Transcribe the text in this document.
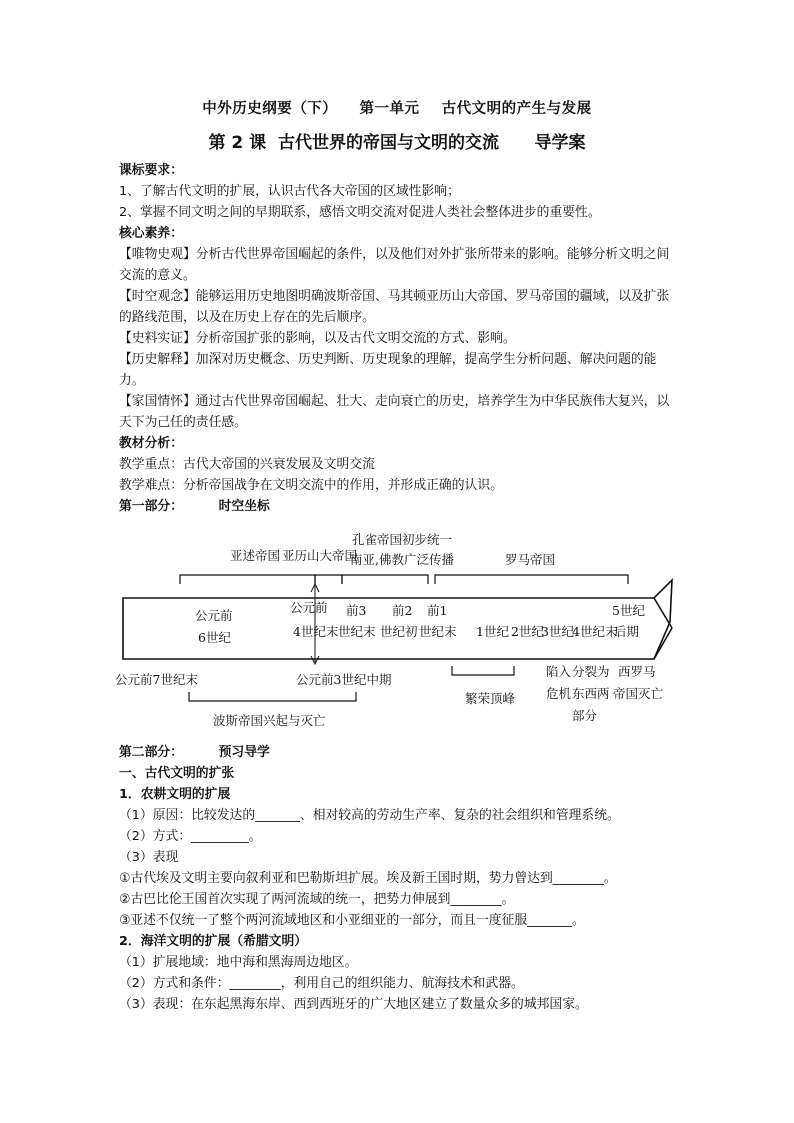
中外历史纲要（下）    第一单元    古代文明的产生与发展
第 2 课  古代世界的帝国与文明的交流      导学案
课标要求：
1、了解古代文明的扩展，认识古代各大帝国的区域性影响；
2、掌握不同文明之间的早期联系，感悟文明交流对促进人类社会整体进步的重要性。
核心素养：
【唯物史观】分析古代世界帝国崛起的条件，以及他们对外扩张所带来的影响。能够分析文明之间交流的意义。
【时空观念】能够运用历史地图明确波斯帝国、马其顿亚历山大帝国、罗马帝国的疆域，以及扩张的路线范围，以及在历史上存在的先后顺序。
【史料实证】分析帝国扩张的影响，以及古代文明交流的方式、影响。
【历史解释】加深对历史概念、历史判断、历史现象的理解，提高学生分析问题、解决问题的能力。
【家国情怀】通过古代世界帝国崛起、壮大、走向衰亡的历史，培养学生为中华民族伟大复兴，以天下为己任的责任感。
教材分析：
教学重点：古代大帝国的兴衰发展及文明交流
教学难点：分析帝国战争在文明交流中的作用，并形成正确的认识。
第一部分：        时空坐标
亚述帝国 亚历山大帝国
孔雀帝国初步统一
南亚,佛教广泛传播	罗马帝国
公元前
6世纪
公元前
4世纪末
前3
世纪末
前2
世纪初
前1
世纪末 1世纪 2世纪
3世纪
4世纪末
5世纪
后期
公元前7世纪末	公元前3世纪中期
波斯帝国兴起与灭亡
繁荣顶峰
陷入
危机
分裂为
东西两
部分
西罗马
帝国灭亡
第二部分：        预习导学
一、古代文明的扩张
1．农耕文明的扩展
（1）原因：比较发达的_______、相对较高的劳动生产率、复杂的社会组织和管理系统。
（2）方式：_________。
（3）表现
①古代埃及文明主要向叙利亚和巴勒斯坦扩展。埃及新王国时期，势力曾达到________。
②古巴比伦王国首次实现了两河流域的统一，把势力伸展到________。
③亚述不仅统一了整个两河流域地区和小亚细亚的一部分，而且一度征服_______。
2．海洋文明的扩展（希腊文明）
（1）扩展地域：地中海和黑海周边地区。
（2）方式和条件：________，利用自己的组织能力、航海技术和武器。
（3）表现：在东起黑海东岸、西到西班牙的广大地区建立了数量众多的城邦国家。
